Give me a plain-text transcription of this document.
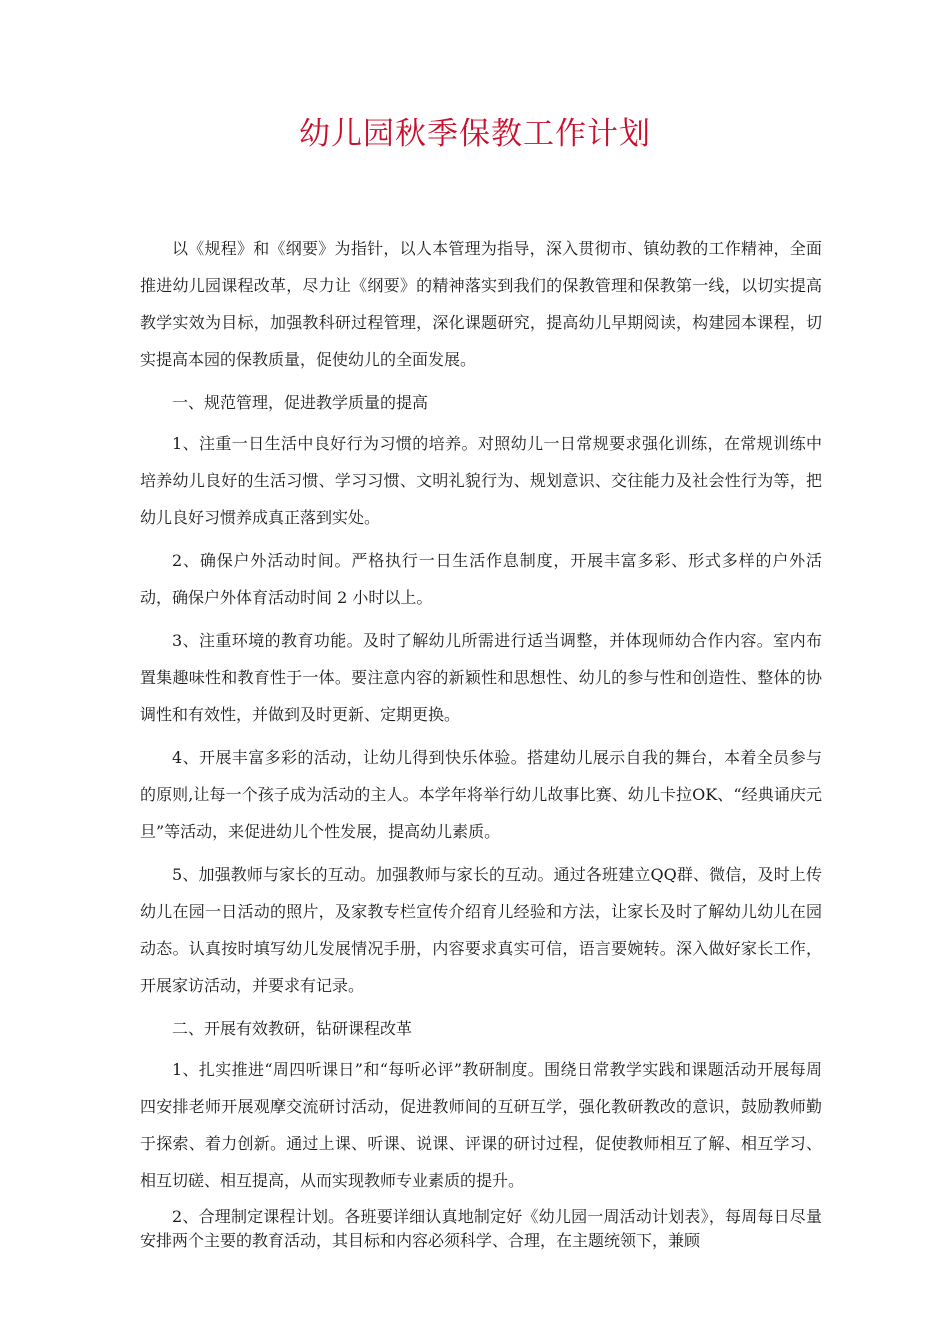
幼儿园秋季保教工作计划

以《规程》和《纲要》为指针，以人本管理为指导，深入贯彻市、镇幼教的工作精神，全面推进幼儿园课程改革，尽力让《纲要》的精神落实到我们的保教管理和保教第一线，以切实提高教学实效为目标，加强教科研过程管理，深化课题研究，提高幼儿早期阅读，构建园本课程，切实提高本园的保教质量，促使幼儿的全面发展。

一、规范管理，促进教学质量的提高

1、注重一日生活中良好行为习惯的培养。对照幼儿一日常规要求强化训练，在常规训练中培养幼儿良好的生活习惯、学习习惯、文明礼貌行为、规划意识、交往能力及社会性行为等，把幼儿良好习惯养成真正落到实处。

2、确保户外活动时间。严格执行一日生活作息制度，开展丰富多彩、形式多样的户外活动，确保户外体育活动时间 2 小时以上。

3、注重环境的教育功能。及时了解幼儿所需进行适当调整，并体现师幼合作内容。室内布置集趣味性和教育性于一体。要注意内容的新颖性和思想性、幼儿的参与性和创造性、整体的协调性和有效性，并做到及时更新、定期更换。

4、开展丰富多彩的活动，让幼儿得到快乐体验。搭建幼儿展示自我的舞台，本着全员参与的原则,让每一个孩子成为活动的主人。本学年将举行幼儿故事比赛、幼儿卡拉OK、“经典诵庆元旦”等活动，来促进幼儿个性发展，提高幼儿素质。

5、加强教师与家长的互动。加强教师与家长的互动。通过各班建立QQ群、微信，及时上传幼儿在园一日活动的照片，及家教专栏宣传介绍育儿经验和方法，让家长及时了解幼儿幼儿在园动态。认真按时填写幼儿发展情况手册，内容要求真实可信，语言要婉转。深入做好家长工作，开展家访活动，并要求有记录。

二、开展有效教研，钻研课程改革

1、扎实推进“周四听课日”和“每听必评”教研制度。围绕日常教学实践和课题活动开展每周四安排老师开展观摩交流研讨活动，促进教师间的互研互学，强化教研教改的意识，鼓励教师勤于探索、着力创新。通过上课、听课、说课、评课的研讨过程，促使教师相互了解、相互学习、相互切磋、相互提高，从而实现教师专业素质的提升。

2、合理制定课程计划。各班要详细认真地制定好《幼儿园一周活动计划表》，每周每日尽量安排两个主要的教育活动，其目标和内容必须科学、合理，在主题统领下，兼顾
